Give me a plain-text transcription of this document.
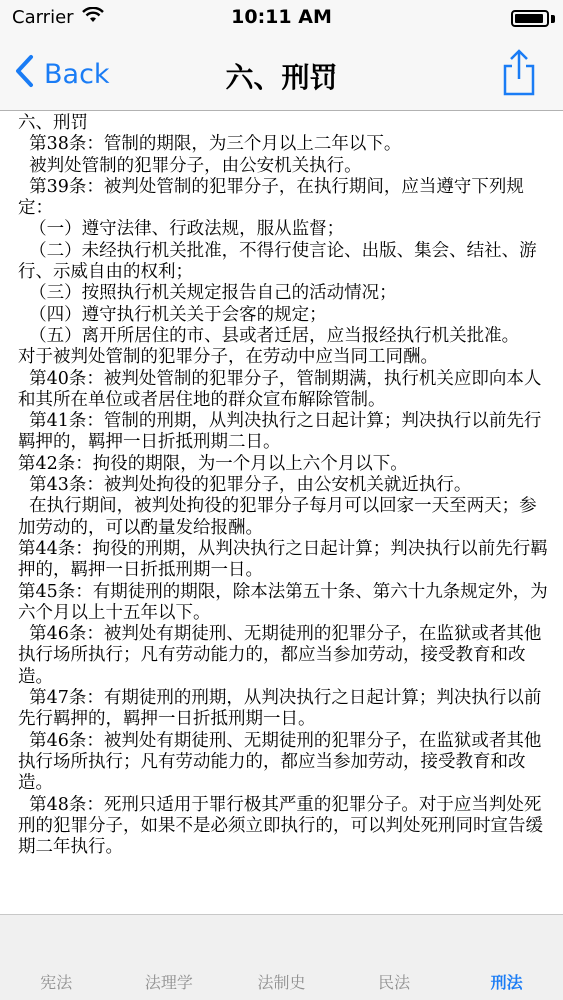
Carrier	10:11 AM
Back	六、刑罚

六、刑罚

第38条：管制的期限，为三个月以上二年以下。

被判处管制的犯罪分子，由公安机关执行。

第39条：被判处管制的犯罪分子，在执行期间，应当遵守下列规定：

（一）遵守法律、行政法规，服从监督；

（二）未经执行机关批准，不得行使言论、出版、集会、结社、游行、示威自由的权利；

（三）按照执行机关规定报告自己的活动情况；

（四）遵守执行机关关于会客的规定；

（五）离开所居住的市、县或者迁居，应当报经执行机关批准。

对于被判处管制的犯罪分子，在劳动中应当同工同酬。

第40条：被判处管制的犯罪分子，管制期满，执行机关应即向本人和其所在单位或者居住地的群众宣布解除管制。

第41条：管制的刑期，从判决执行之日起计算；判决执行以前先行羁押的，羁押一日折抵刑期二日。

第42条：拘役的期限，为一个月以上六个月以下。

第43条：被判处拘役的犯罪分子，由公安机关就近执行。

在执行期间，被判处拘役的犯罪分子每月可以回家一天至两天；参加劳动的，可以酌量发给报酬。

第44条：拘役的刑期，从判决执行之日起计算；判决执行以前先行羁押的，羁押一日折抵刑期一日。

第45条：有期徒刑的期限，除本法第五十条、第六十九条规定外，为六个月以上十五年以下。

第46条：被判处有期徒刑、无期徒刑的犯罪分子，在监狱或者其他执行场所执行；凡有劳动能力的，都应当参加劳动，接受教育和改造。

第47条：有期徒刑的刑期，从判决执行之日起计算；判决执行以前先行羁押的，羁押一日折抵刑期一日。

第46条：被判处有期徒刑、无期徒刑的犯罪分子，在监狱或者其他执行场所执行；凡有劳动能力的，都应当参加劳动，接受教育和改造。

第48条：死刑只适用于罪行极其严重的犯罪分子。对于应当判处死刑的犯罪分子，如果不是必须立即执行的，可以判处死刑同时宣告缓期二年执行。

宪法	法理学	法制史	民法	刑法
